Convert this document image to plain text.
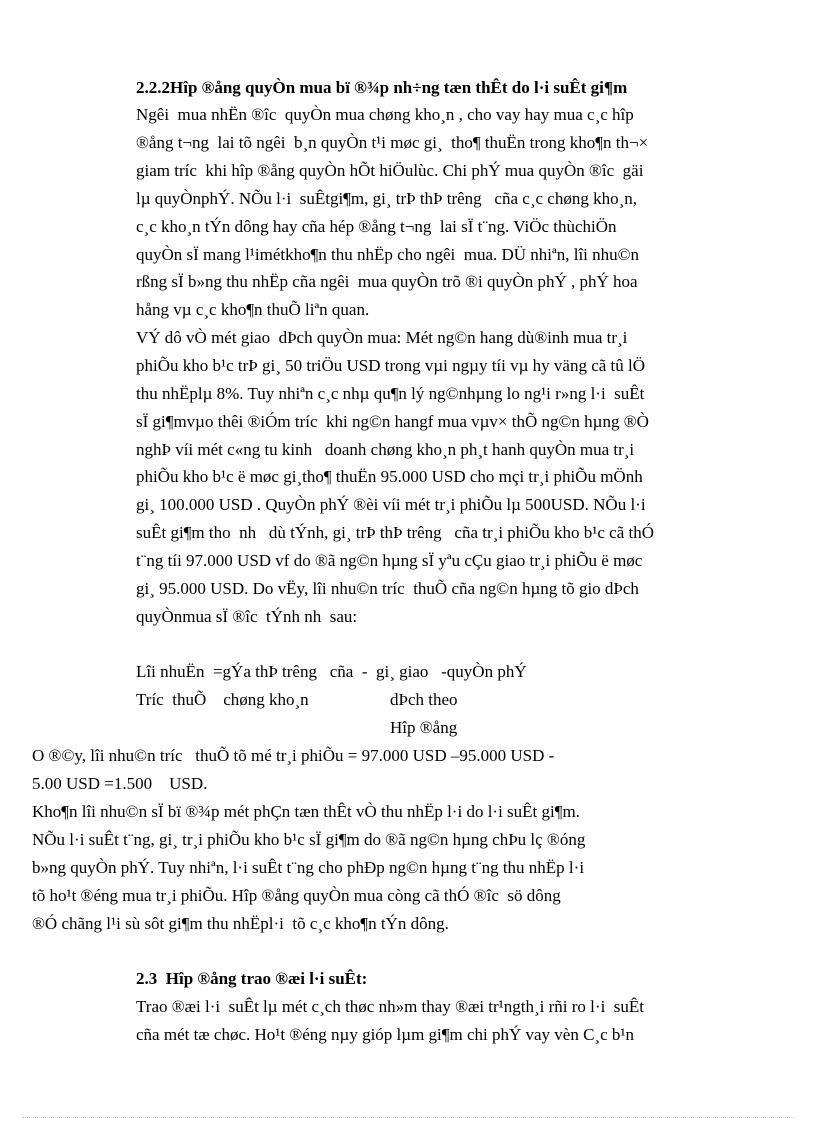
2.2.2Hîp ®ång quyÒn mua bï ®¾p nh÷ng tæn thÊt do l·i suÊt gi¶m
Ngêi  mua nhËn ®îc  quyÒn mua chøng kho¸n , cho vay hay mua c¸c hîp
®ång t¬ng  lai tõ ngêi  b¸n quyÒn t¹i møc gi¸  tho¶ thuËn trong kho¶n th¬×
giam tríc  khi hîp ®ång quyÒn hÕt hiÖulùc. Chi phÝ mua quyÒn ®îc  gäi
lµ quyÒnphÝ. NÕu l·i  suÊtgi¶m, gi¸ trÞ thÞ trêng   cña c¸c chøng kho¸n,
c¸c kho¸n tÝn dông hay cña hép ®ång t¬ng  lai sÏ t¨ng. ViÖc thùchiÖn
quyÒn sÏ mang l¹imétkho¶n thu nhËp cho ngêi  mua. DÜ nhiªn, lîi nhu©n
rßng sÏ b»ng thu nhËp cña ngêi  mua quyÒn trõ ®i quyÒn phÝ , phÝ hoa
hång vµ c¸c kho¶n thuÕ liªn quan.
VÝ dô vÒ mét giao  dÞch quyÒn mua: Mét ng©n hang dù®inh mua tr¸i
phiÕu kho b¹c trÞ gi¸ 50 triÖu USD trong vµi ngµy tíi vµ hy väng cã tû lÖ
thu nhËplµ 8%. Tuy nhiªn c¸c nhµ qu¶n lý ng©nhµng lo ng¹i r»ng l·i  suÊt
sÏ gi¶mvµo thêi ®iÓm tríc  khi ng©n hangf mua vµv× thÕ ng©n hµng ®Ò
nghÞ víi mét c«ng tu kinh   doanh chøng kho¸n ph¸t hanh quyÒn mua tr¸i
phiÕu kho b¹c ë møc gi¸tho¶ thuËn 95.000 USD cho mçi tr¸i phiÕu mÖnh
gi¸ 100.000 USD . QuyÒn phÝ ®èi víi mét tr¸i phiÕu lµ 500USD. NÕu l·i
suÊt gi¶m tho  nh   dù tÝnh, gi¸ trÞ thÞ trêng   cña tr¸i phiÕu kho b¹c cã thÓ
t¨ng tíi 97.000 USD vf do ®ã ng©n hµng sÏ yªu cÇu giao tr¸i phiÕu ë møc
gi¸ 95.000 USD. Do vËy, lîi nhu©n tríc  thuÕ cña ng©n hµng tõ gio dÞch
quyÒnmua sÏ ®îc  tÝnh nh  sau:
Lîi nhuËn  =gÝa thÞ trêng   cña  -  gi¸ giao   -quyÒn phÝ
Tríc  thuÕ    chøng kho¸n	dÞch theo
Hîp ®ång
O ®©y, lîi nhu©n tríc   thuÕ tõ mé tr¸i phiÕu = 97.000 USD –95.000 USD -
5.00 USD =1.500    USD.
Kho¶n lîi nhu©n sÏ bï ®¾p mét phÇn tæn thÊt vÒ thu nhËp l·i do l·i suÊt gi¶m.
NÕu l·i suÊt t¨ng, gi¸ tr¸i phiÕu kho b¹c sÏ gi¶m do ®ã ng©n hµng chÞu lç ®óng
b»ng quyÒn phÝ. Tuy nhiªn, l·i suÊt t¨ng cho phÐp ng©n hµng t¨ng thu nhËp l·i
tõ ho¹t ®éng mua tr¸i phiÕu. Hîp ®ång quyÒn mua còng cã thÓ ®îc  sö dông
®Ó chãng l¹i sù sôt gi¶m thu nhËpl·i  tõ c¸c kho¶n tÝn dông.
2.3  Hîp ®ång trao ®æi l·i suÊt:
Trao ®æi l·i  suÊt lµ mét c¸ch thøc nh»m thay ®æi tr¹ngth¸i rñi ro l·i  suÊt
cña mét tæ chøc. Ho¹t ®éng nµy gióp lµm gi¶m chi phÝ vay vèn C¸c b¹n
